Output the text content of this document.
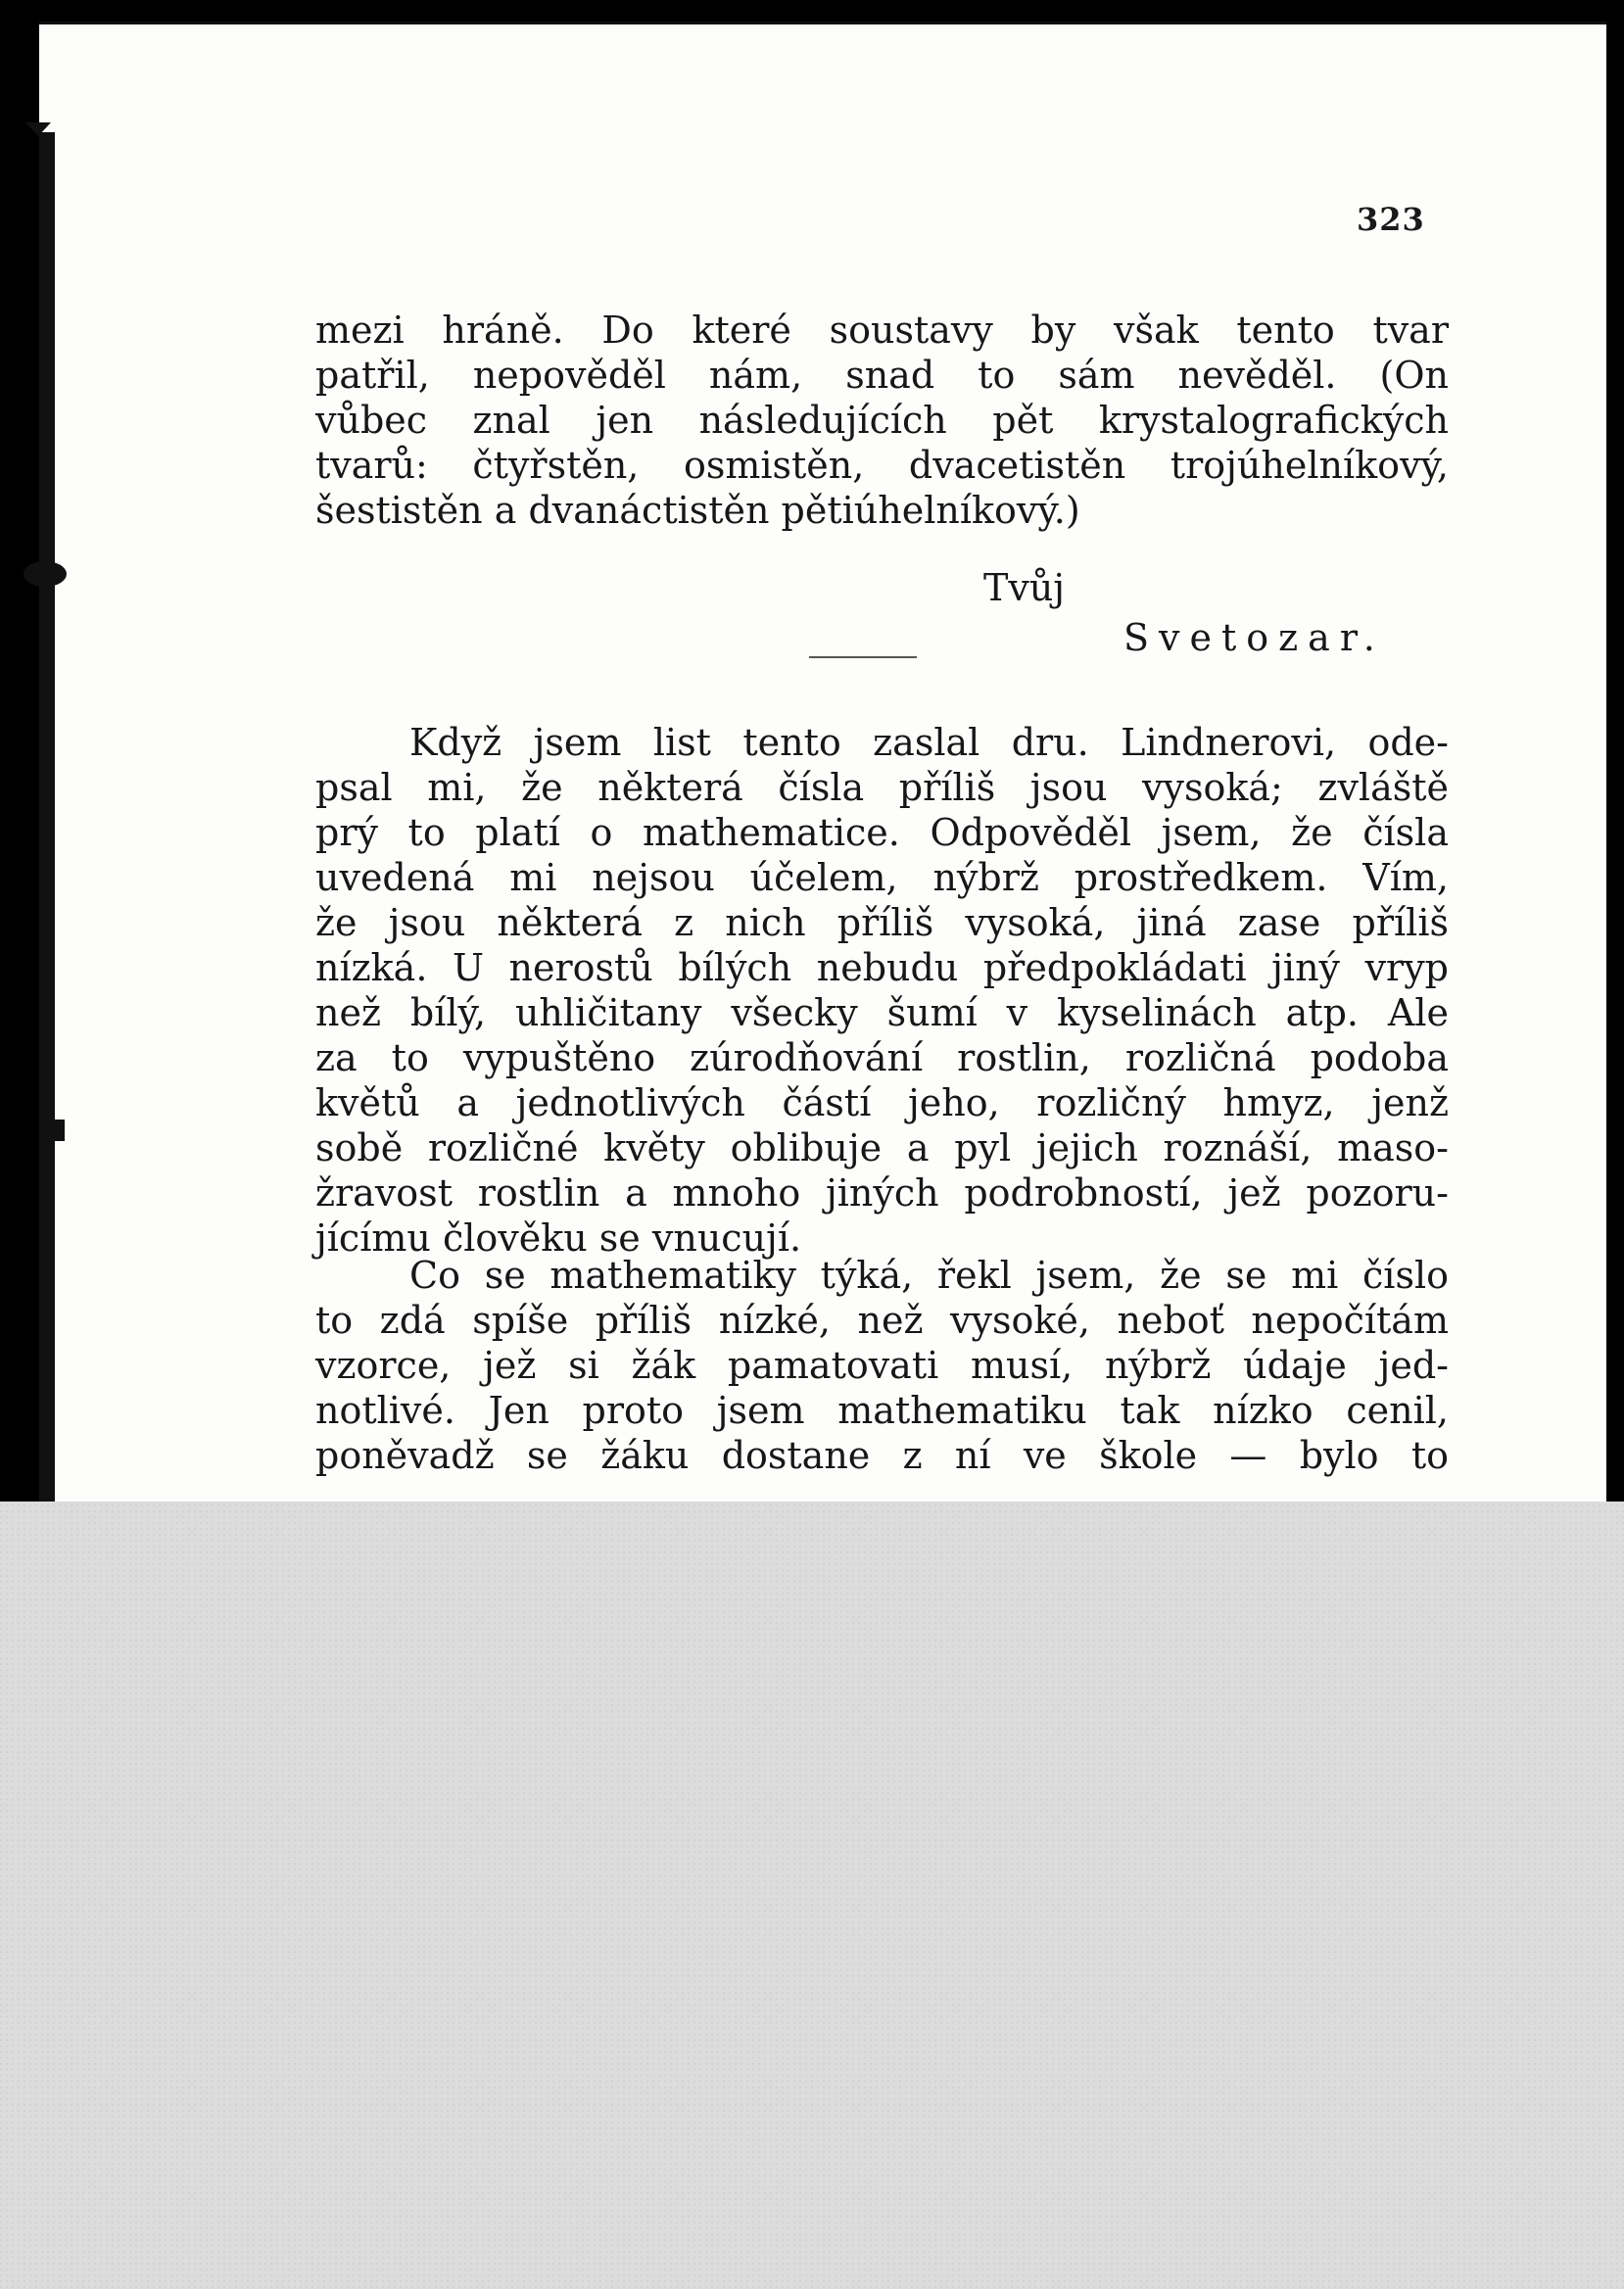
323
mezi hráně. Do které soustavy by však tento tvar
patřil, nepověděl nám, snad to sám nevěděl. (On
vůbec znal jen následujících pět krystalografických
tvarů: čtyřstěn, osmistěn, dvacetistěn trojúhelníkový,
šestistěn a dvanáctistěn pětiúhelníkový.)
Tvůj
Svetozar.
Když jsem list tento zaslal dru. Lindnerovi, ode-
psal mi, že některá čísla příliš jsou vysoká; zvláště
prý to platí o mathematice. Odpověděl jsem, že čísla
uvedená mi nejsou účelem, nýbrž prostředkem. Vím,
že jsou některá z nich příliš vysoká, jiná zase příliš
nízká. U nerostů bílých nebudu předpokládati jiný vryp
než bílý, uhličitany všecky šumí v kyselinách atp. Ale
za to vypuštěno zúrodňování rostlin, rozličná podoba
květů a jednotlivých částí jeho, rozličný hmyz, jenž
sobě rozličné květy oblibuje a pyl jejich roznáší, maso-
žravost rostlin a mnoho jiných podrobností, jež pozoru-
jícímu člověku se vnucují.
Co se mathematiky týká, řekl jsem, že se mi číslo
to zdá spíše příliš nízké, než vysoké, neboť nepočítám
vzorce, jež si žák pamatovati musí, nýbrž údaje jed-
notlivé. Jen proto jsem mathematiku tak nízko cenil,
poněvadž se žáku dostane z ní ve škole — bylo to
